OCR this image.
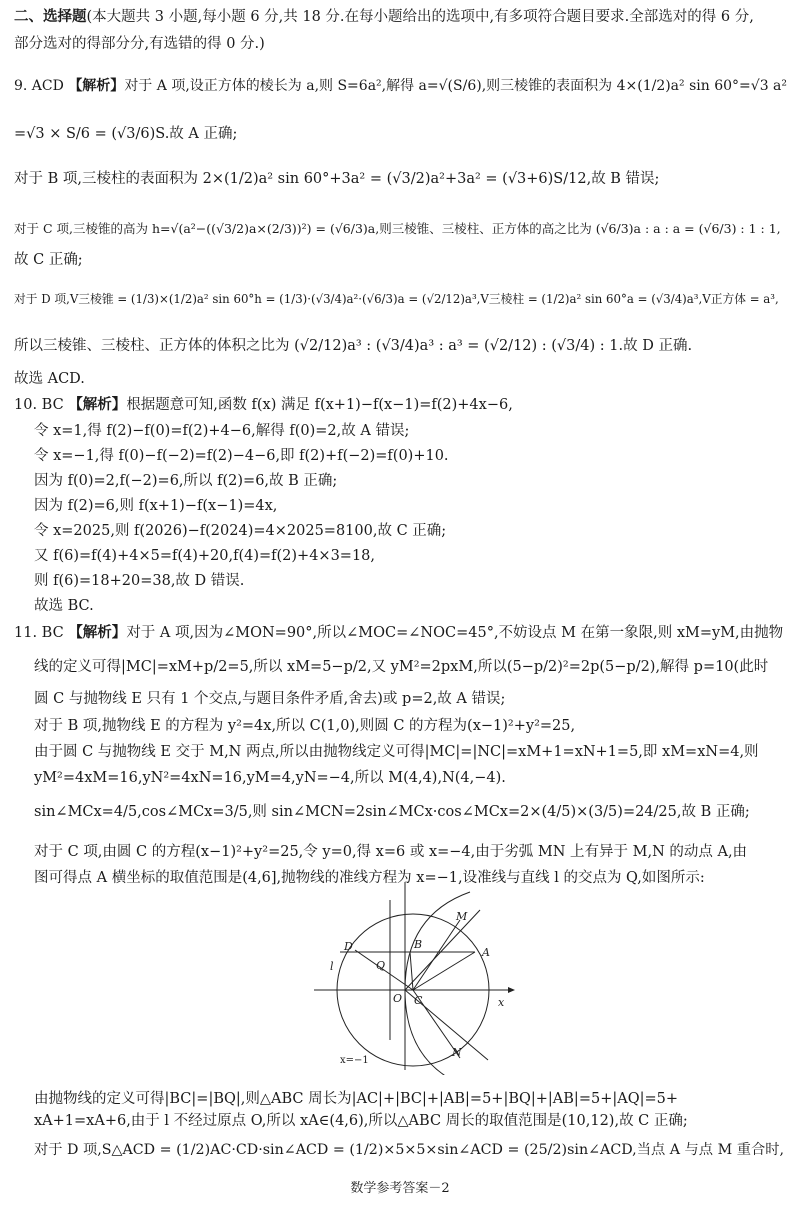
二、选择题(本大题共 3 小题,每小题 6 分,共 18 分.在每小题给出的选项中,有多项符合题目要求.全部选对的得 6 分,
部分选对的得部分分,有选错的得 0 分.)
9. ACD 【解析】对于 A 项,设正方体的棱长为 a,则 S=6a²,解得 a=√(S/6),则三棱锥的表面积为 4×(1/2)a² sin 60°=√3 a²
=√3 × S/6 = (√3/6)S.故 A 正确;
对于 B 项,三棱柱的表面积为 2×(1/2)a² sin 60°+3a² = (√3/2)a²+3a² = (√3+6)S/12,故 B 错误;
对于 C 项,三棱锥的高为 h=√(a²−((√3/2)a×(2/3))²) = (√6/3)a,则三棱锥、三棱柱、正方体的高之比为 (√6/3)a : a : a = (√6/3) : 1 : 1,
故 C 正确;
对于 D 项,V三棱锥 = (1/3)×(1/2)a² sin 60°h = (1/3)·(√3/4)a²·(√6/3)a = (√2/12)a³,V三棱柱 = (1/2)a² sin 60°a = (√3/4)a³,V正方体 = a³,
所以三棱锥、三棱柱、正方体的体积之比为 (√2/12)a³ : (√3/4)a³ : a³ = (√2/12) : (√3/4) : 1.故 D 正确.
故选 ACD.
10. BC 【解析】根据题意可知,函数 f(x) 满足 f(x+1)−f(x−1)=f(2)+4x−6,
令 x=1,得 f(2)−f(0)=f(2)+4−6,解得 f(0)=2,故 A 错误;
令 x=−1,得 f(0)−f(−2)=f(2)−4−6,即 f(2)+f(−2)=f(0)+10.
因为 f(0)=2,f(−2)=6,所以 f(2)=6,故 B 正确;
因为 f(2)=6,则 f(x+1)−f(x−1)=4x,
令 x=2025,则 f(2026)−f(2024)=4×2025=8100,故 C 正确;
又 f(6)=f(4)+4×5=f(4)+20,f(4)=f(2)+4×3=18,
则 f(6)=18+20=38,故 D 错误.
故选 BC.
11. BC 【解析】对于 A 项,因为∠MON=90°,所以∠MOC=∠NOC=45°,不妨设点 M 在第一象限,则 xM=yM,由抛物
线的定义可得|MC|=xM+p/2=5,所以 xM=5−p/2,又 yM²=2pxM,所以(5−p/2)²=2p(5−p/2),解得 p=10(此时
圆 C 与抛物线 E 只有 1 个交点,与题目条件矛盾,舍去)或 p=2,故 A 错误;
对于 B 项,抛物线 E 的方程为 y²=4x,所以 C(1,0),则圆 C 的方程为(x−1)²+y²=25,
由于圆 C 与抛物线 E 交于 M,N 两点,所以由抛物线定义可得|MC|=|NC|=xM+1=xN+1=5,即 xM=xN=4,则
yM²=4xM=16,yN²=4xN=16,yM=4,yN=−4,所以 M(4,4),N(4,−4).
sin∠MCx=4/5,cos∠MCx=3/5,则 sin∠MCN=2sin∠MCx·cos∠MCx=2×(4/5)×(3/5)=24/25,故 B 正确;
对于 C 项,由圆 C 的方程(x−1)²+y²=25,令 y=0,得 x=6 或 x=−4,由于劣弧 MN 上有异于 M,N 的动点 A,由
图可得点 A 横坐标的取值范围是(4,6],抛物线的准线方程为 x=−1,设准线与直线 l 的交点为 Q,如图所示:
M
A
D	B
l	Q
O C	x
N
x=−1
由抛物线的定义可得|BC|=|BQ|,则△ABC 周长为|AC|+|BC|+|AB|=5+|BQ|+|AB|=5+|AQ|=5+
xA+1=xA+6,由于 l 不经过原点 O,所以 xA∈(4,6),所以△ABC 周长的取值范围是(10,12),故 C 正确;
对于 D 项,S△ACD = (1/2)AC·CD·sin∠ACD = (1/2)×5×5×sin∠ACD = (25/2)sin∠ACD,当点 A 与点 M 重合时,
数学参考答案－2
